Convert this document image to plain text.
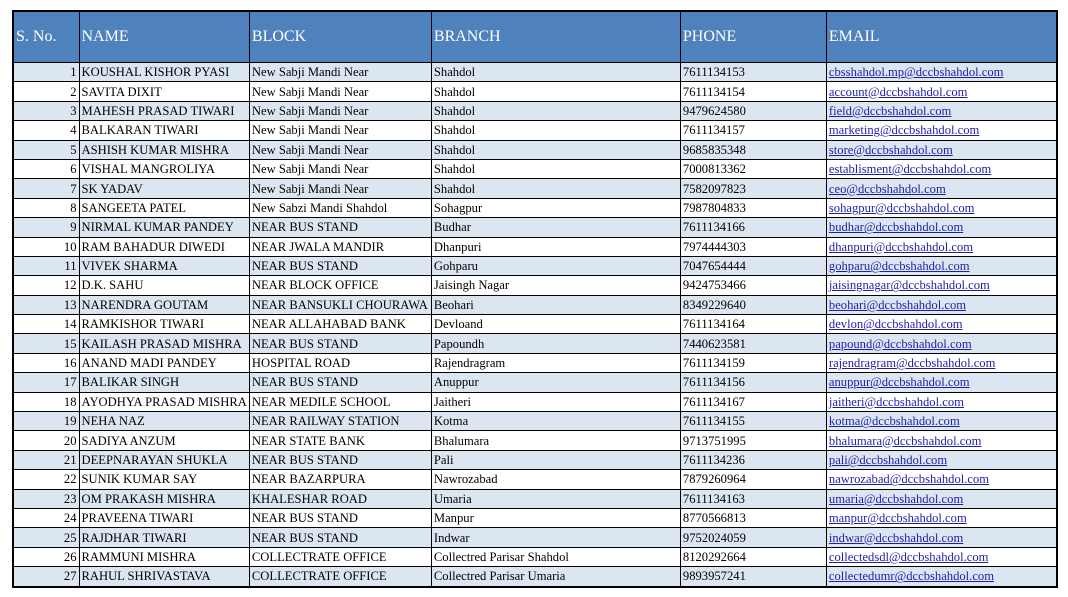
S. No.	NAME	BLOCK	BRANCH	PHONE	EMAIL
1	KOUSHAL KISHOR PYASI	New Sabji Mandi Near	Shahdol	7611134153	cbsshahdol.mp@dccbshahdol.com
2	SAVITA DIXIT	New Sabji Mandi Near	Shahdol	7611134154	account@dccbshahdol.com
3	MAHESH PRASAD TIWARI	New Sabji Mandi Near	Shahdol	9479624580	field@dccbshahdol.com
4	BALKARAN TIWARI	New Sabji Mandi Near	Shahdol	7611134157	marketing@dccbshahdol.com
5	ASHISH KUMAR MISHRA	New Sabji Mandi Near	Shahdol	9685835348	store@dccbshahdol.com
6	VISHAL MANGROLIYA	New Sabji Mandi Near	Shahdol	7000813362	establisment@dccbshahdol.com
7	SK YADAV	New Sabji Mandi Near	Shahdol	7582097823	ceo@dccbshahdol.com
8	SANGEETA PATEL	New Sabzi Mandi Shahdol	Sohagpur	7987804833	sohagpur@dccbshahdol.com
9	NIRMAL KUMAR PANDEY	NEAR BUS STAND	Budhar	7611134166	budhar@dccbshahdol.com
10	RAM BAHADUR DIWEDI	NEAR JWALA MANDIR	Dhanpuri	7974444303	dhanpuri@dccbshahdol.com
11	VIVEK SHARMA	NEAR BUS STAND	Gohparu	7047654444	gohparu@dccbshahdol.com
12	D.K. SAHU	NEAR BLOCK OFFICE	Jaisingh Nagar	9424753466	jaisingnagar@dccbshahdol.com
13	NARENDRA GOUTAM	NEAR BANSUKLI CHOURAWA	Beohari	8349229640	beohari@dccbshahdol.com
14	RAMKISHOR TIWARI	NEAR ALLAHABAD BANK	Devloand	7611134164	devlon@dccbshahdol.com
15	KAILASH PRASAD MISHRA	NEAR BUS STAND	Papoundh	7440623581	papound@dccbshahdol.com
16	ANAND MADI PANDEY	HOSPITAL ROAD	Rajendragram	7611134159	rajendragram@dccbshahdol.com
17	BALIKAR SINGH	NEAR BUS STAND	Anuppur	7611134156	anuppur@dccbshahdol.com
18	AYODHYA PRASAD MISHRA	NEAR MEDILE SCHOOL	Jaitheri	7611134167	jaitheri@dccbshahdol.com
19	NEHA NAZ	NEAR RAILWAY STATION	Kotma	7611134155	kotma@dccbshahdol.com
20	SADIYA ANZUM	NEAR STATE BANK	Bhalumara	9713751995	bhalumara@dccbshahdol.com
21	DEEPNARAYAN SHUKLA	NEAR BUS STAND	Pali	7611134236	pali@dccbshahdol.com
22	SUNIK KUMAR SAY	NEAR BAZARPURA	Nawrozabad	7879260964	nawrozabad@dccbshahdol.com
23	OM PRAKASH MISHRA	KHALESHAR ROAD	Umaria	7611134163	umaria@dccbshahdol.com
24	PRAVEENA TIWARI	NEAR BUS STAND	Manpur	8770566813	manpur@dccbshahdol.com
25	RAJDHAR TIWARI	NEAR BUS STAND	Indwar	9752024059	indwar@dccbshahdol.com
26	RAMMUNI MISHRA	COLLECTRATE OFFICE	Collectred Parisar Shahdol	8120292664	collectedsdl@dccbshahdol.com
27	RAHUL SHRIVASTAVA	COLLECTRATE OFFICE	Collectred Parisar Umaria	9893957241	collectedumr@dccbshahdol.com
